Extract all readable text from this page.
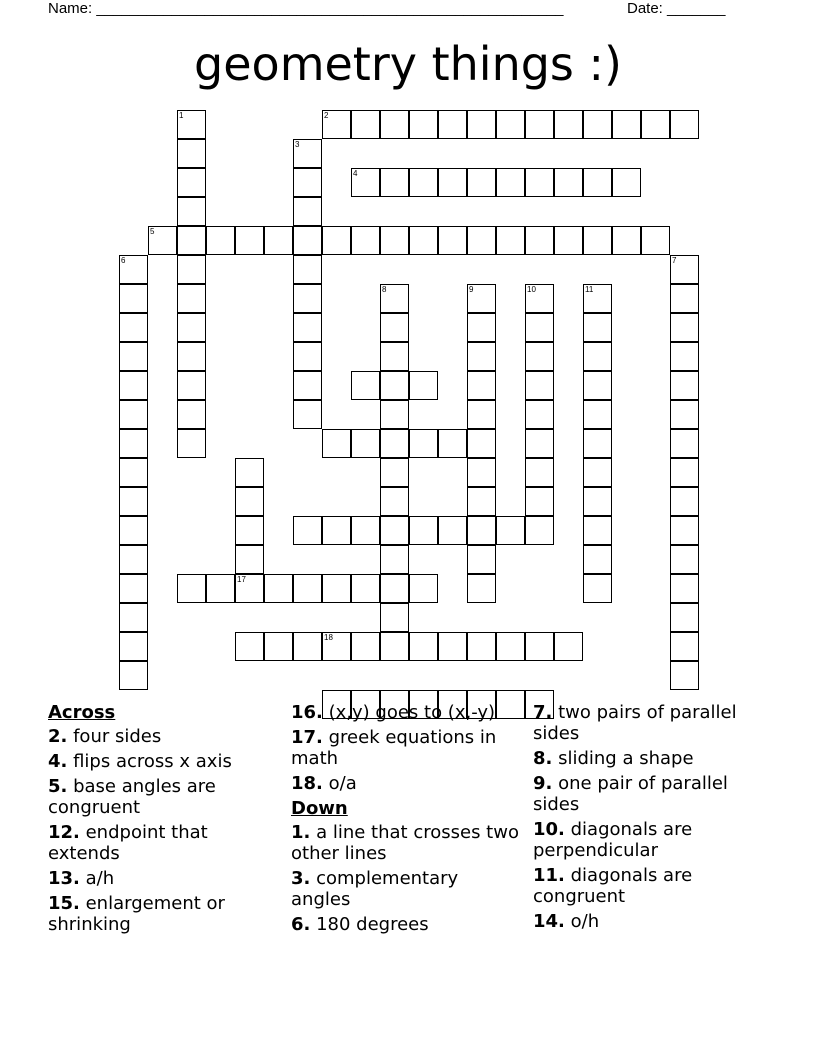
Name: ________________________________________________________	Date: _______
geometry things :)
1	2
3
4
5
6	7
8	9	10	11
17
18
Across
2. four sides
4. flips across x axis
5. base angles are congruent
12. endpoint that extends
13. a/h
15. enlargement or shrinking
16. (x,y) goes to (x,-y)
17. greek equations in math
18. o/a
Down
1. a line that crosses two other lines
3. complementary angles
6. 180 degrees
7. two pairs of parallel sides
8. sliding a shape
9. one pair of parallel sides
10. diagonals are perpendicular
11. diagonals are congruent
14. o/h
